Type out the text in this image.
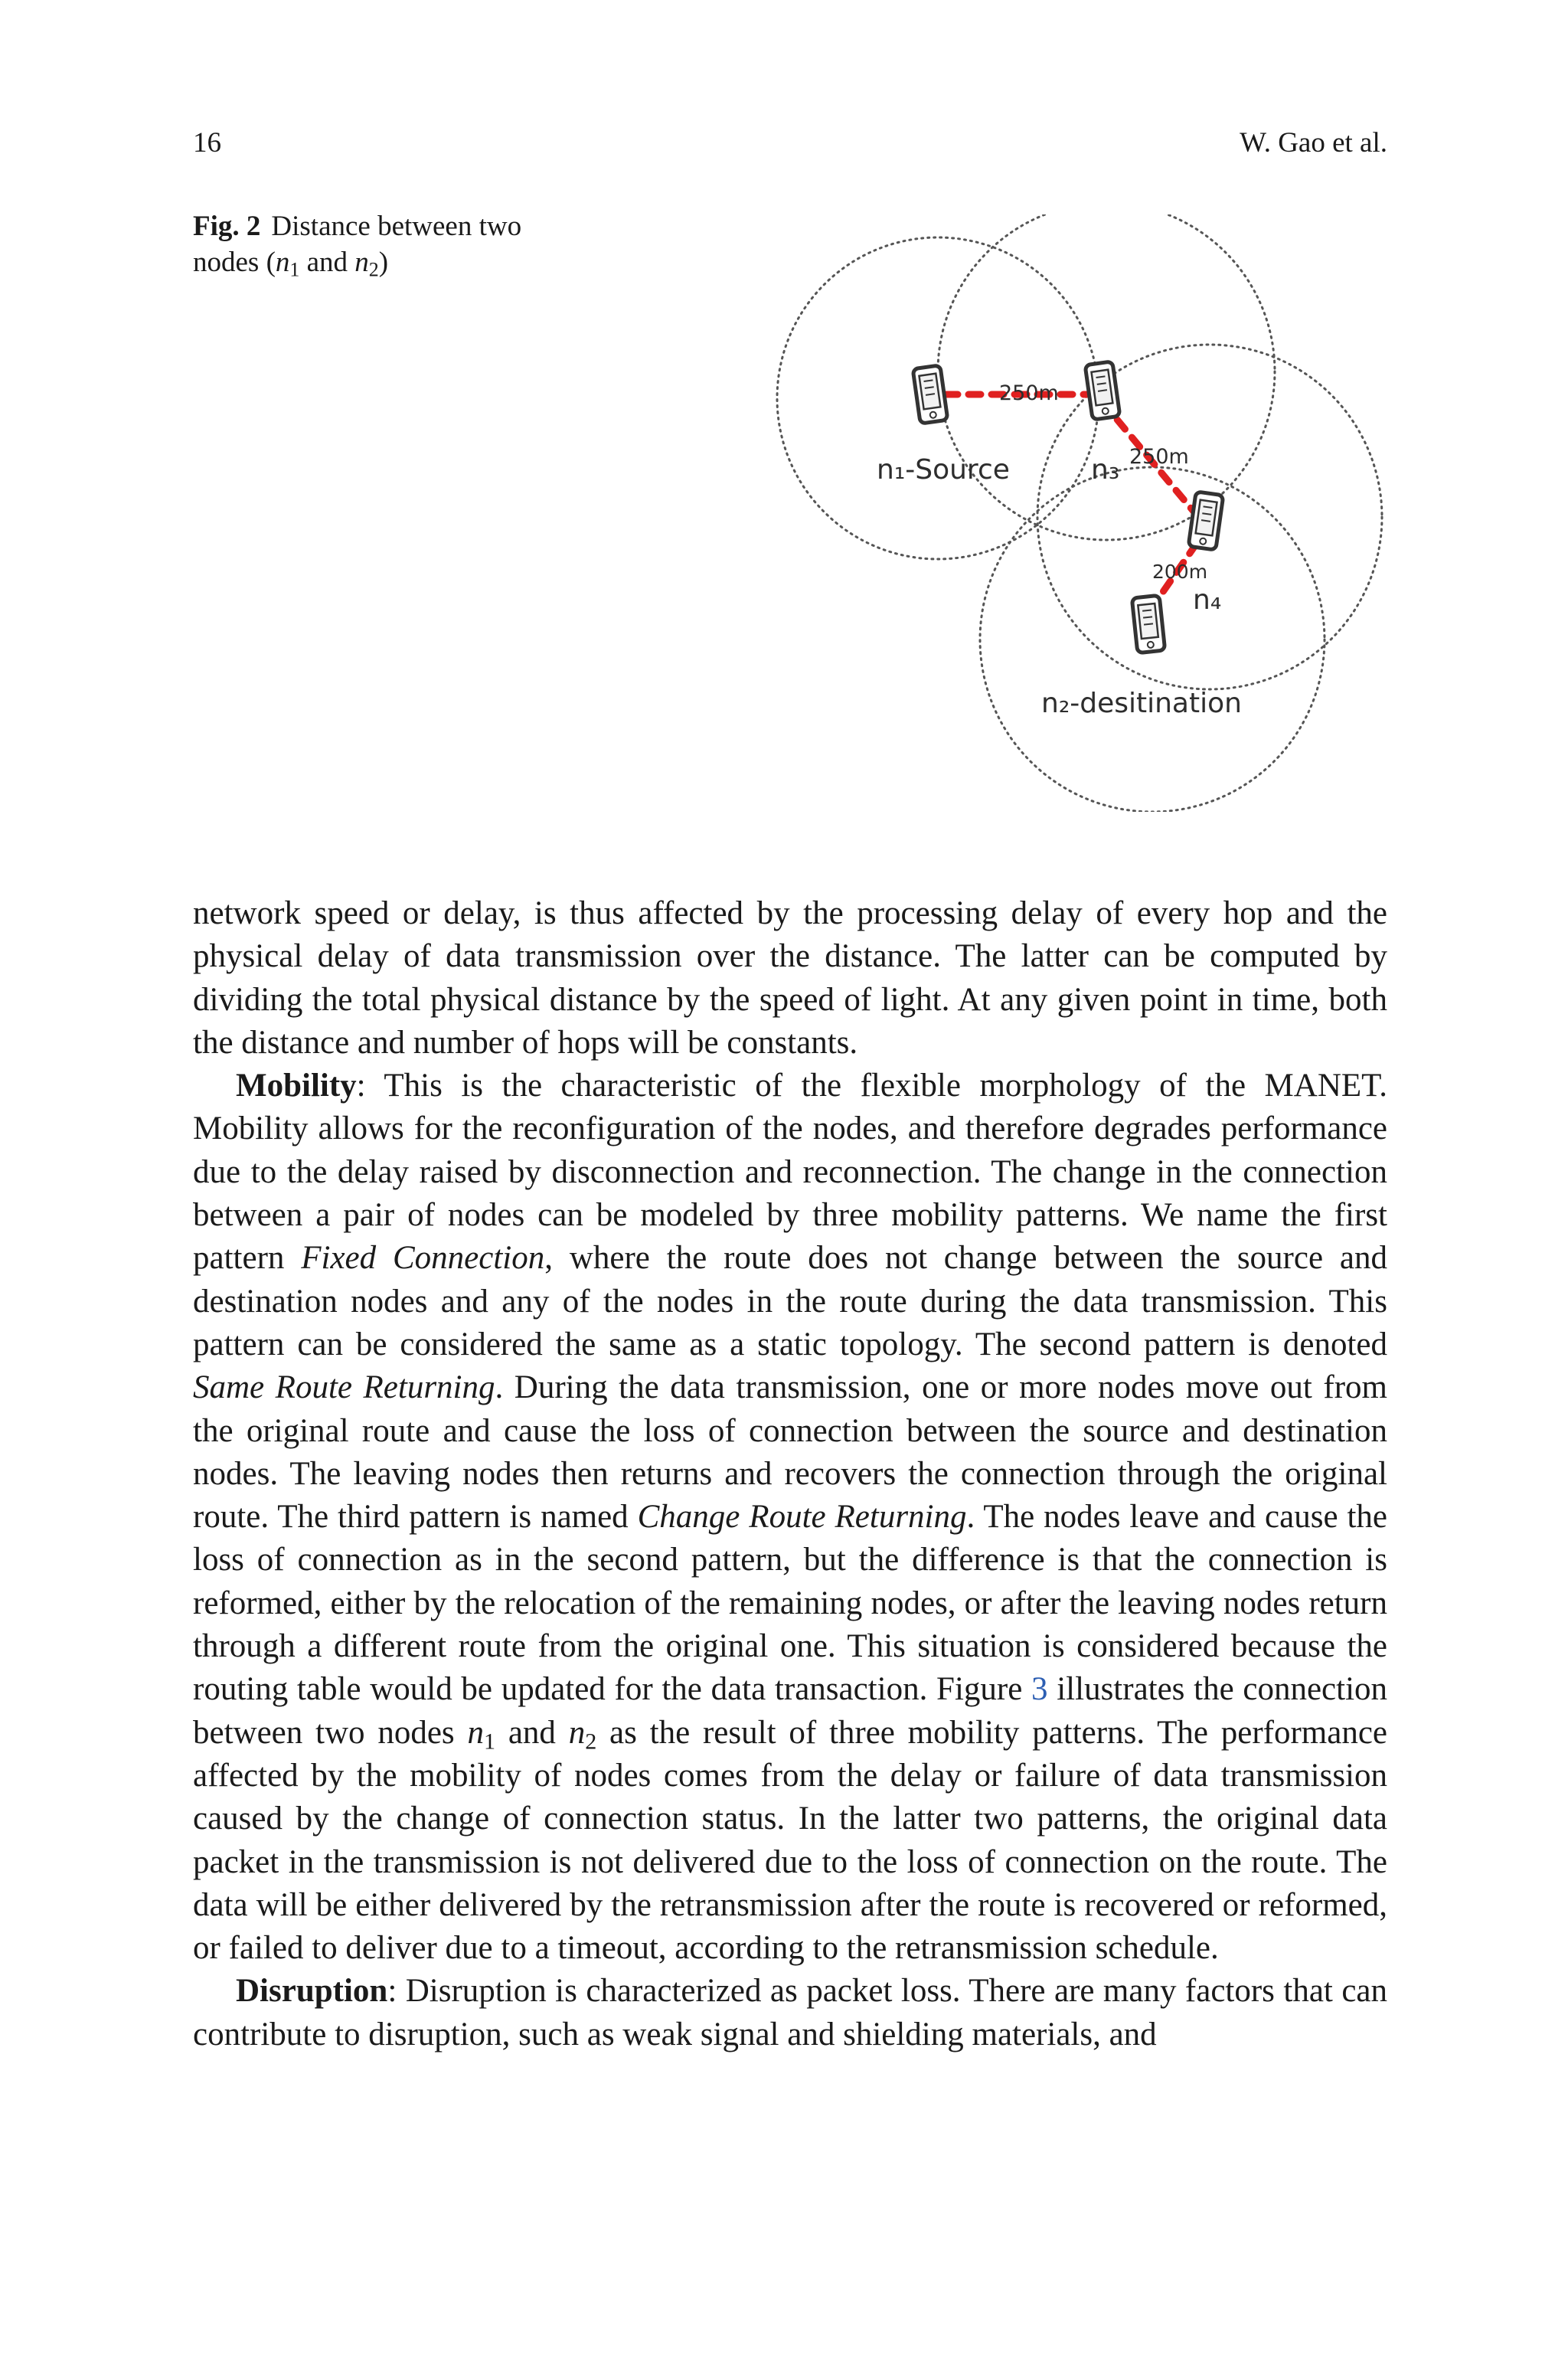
16	W. Gao et al.
Fig. 2 Distance between two nodes ($n_1$ and $n_2$)
250m
250m
200m
n₁-Source	n₃
n₄
n₂-desitination

network speed or delay, is thus affected by the processing delay of every hop and the physical delay of data transmission over the distance. The latter can be computed by dividing the total physical distance by the speed of light. At any given point in time, both the distance and number of hops will be constants.

Mobility: This is the characteristic of the flexible morphology of the MANET. Mobility allows for the reconfiguration of the nodes, and therefore degrades performance due to the delay raised by disconnection and reconnection. The change in the connection between a pair of nodes can be modeled by three mobility patterns. We name the first pattern Fixed Connection, where the route does not change between the source and destination nodes and any of the nodes in the route during the data transmission. This pattern can be considered the same as a static topology. The second pattern is denoted Same Route Returning. During the data transmission, one or more nodes move out from the original route and cause the loss of connection between the source and destination nodes. The leaving nodes then returns and recovers the connection through the original route. The third pattern is named Change Route Returning. The nodes leave and cause the loss of connection as in the second pattern, but the difference is that the connection is reformed, either by the relocation of the remaining nodes, or after the leaving nodes return through a different route from the original one. This situation is considered because the routing table would be updated for the data transaction. Figure 3 illustrates the connection between two nodes $n_1$ and $n_2$ as the result of three mobility patterns. The performance affected by the mobility of nodes comes from the delay or failure of data transmission caused by the change of connection status. In the latter two patterns, the original data packet in the transmission is not delivered due to the loss of connection on the route. The data will be either delivered by the retransmission after the route is recovered or reformed, or failed to deliver due to a timeout, according to the retransmission schedule.

Disruption: Disruption is characterized as packet loss. There are many factors that can contribute to disruption, such as weak signal and shielding materials, and
